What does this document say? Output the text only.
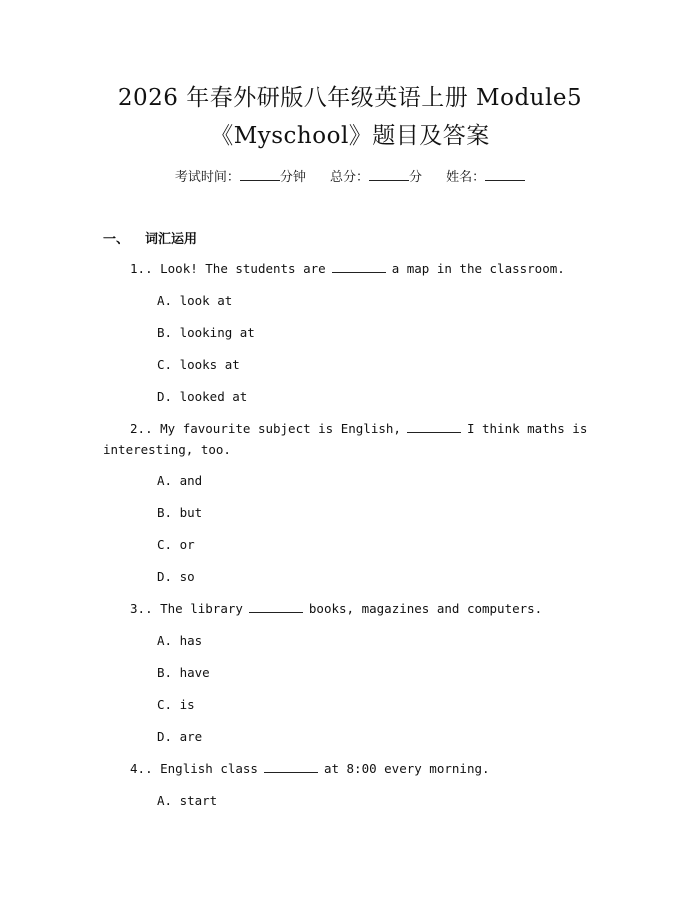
2026 年春外研版八年级英语上册 Module5
《Myschool》题目及答案
考试时间：	分钟 总分：	分 姓名：
一、 词汇运用
1.. Look! The students are	a map in the classroom.
A. look at
B. looking at
C. looks at
D. looked at
2.. My favourite subject is English,	I think maths is
interesting, too.
A. and
B. but
C. or
D. so
3.. The library	books, magazines and computers.
A. has
B. have
C. is
D. are
4.. English class	at 8:00 every morning.
A. start
